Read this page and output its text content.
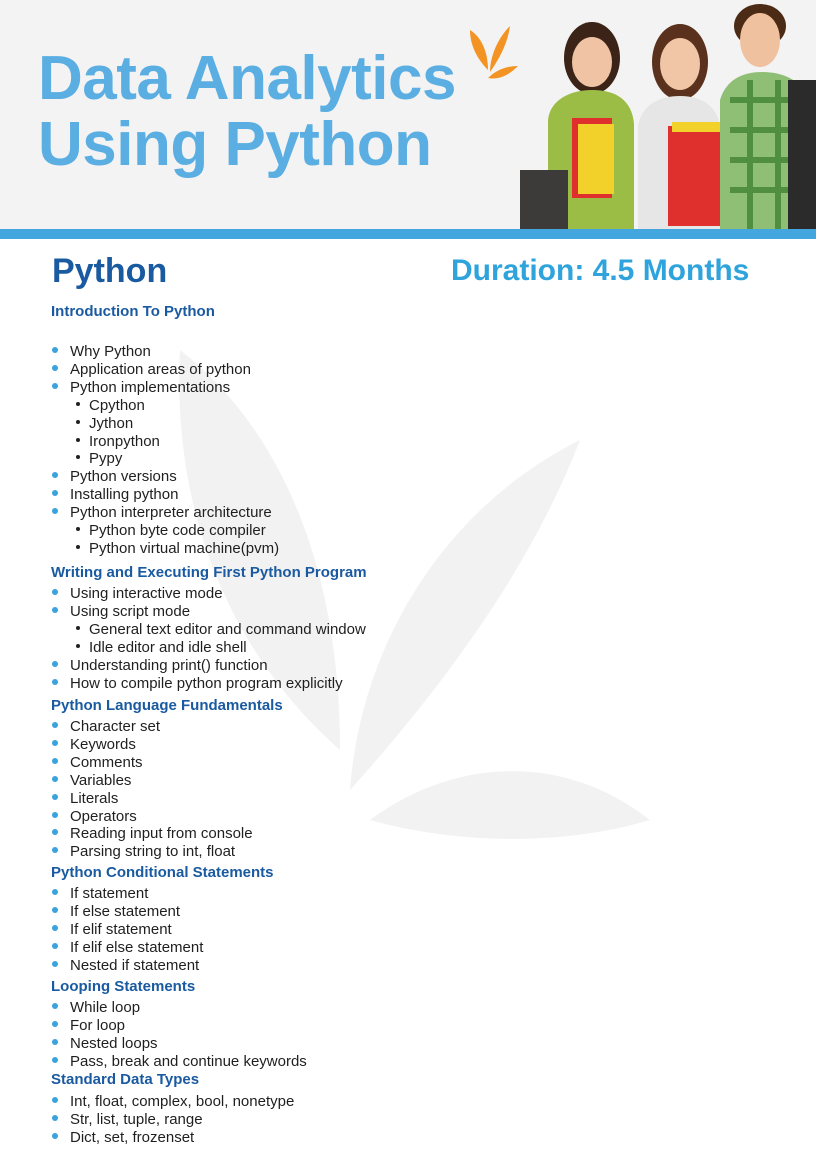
Data Analytics
Using Python
Python	Duration: 4.5 Months
Introduction To Python
Why Python
Application areas of python
Python implementations
Cpython
Jython
Ironpython
Pypy
Python versions
Installing python
Python interpreter architecture
Python byte code compiler
Python virtual machine(pvm)
Writing and Executing First Python Program
Using interactive mode
Using script mode
General text editor and command window
Idle editor and idle shell
Understanding print() function
How to compile python program explicitly
Python Language Fundamentals
Character set
Keywords
Comments
Variables
Literals
Operators
Reading input from console
Parsing string to int, float
Python Conditional Statements
If statement
If else statement
If elif statement
If elif else statement
Nested if statement
Looping Statements
While loop
For loop
Nested loops
Pass, break and continue keywords
Standard Data Types
Int, float, complex, bool, nonetype
Str, list, tuple, range
Dict, set, frozenset
